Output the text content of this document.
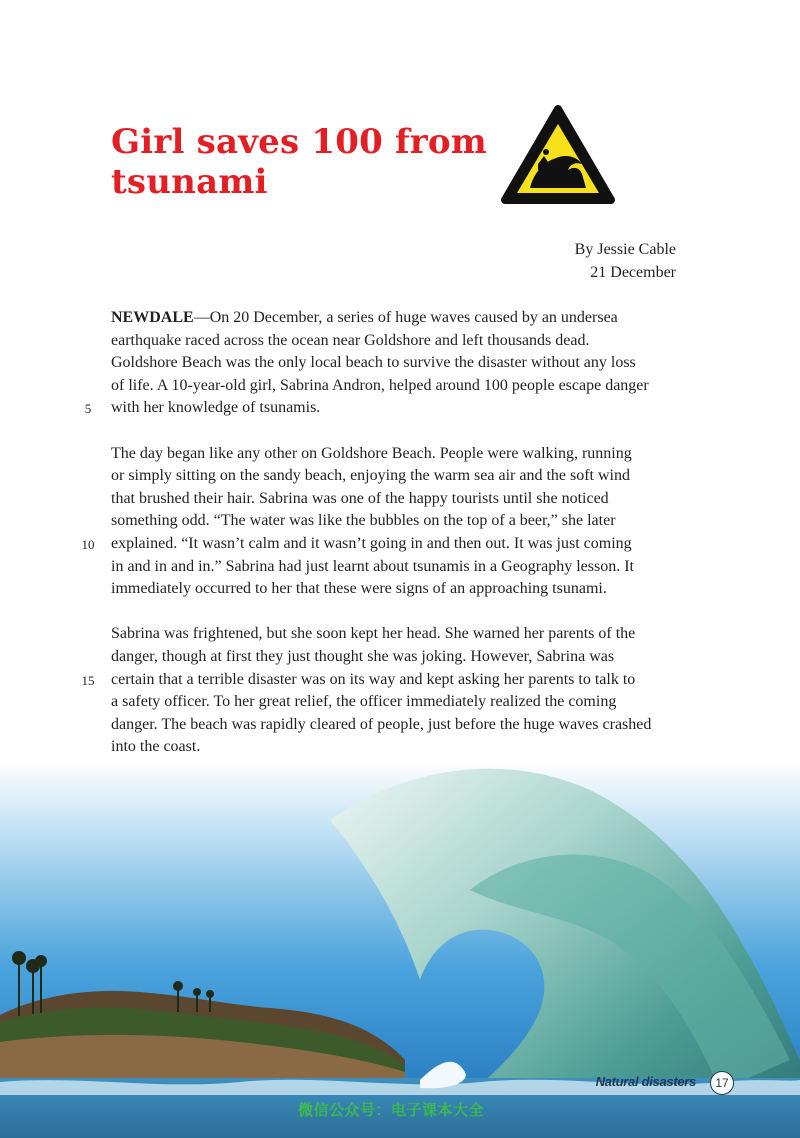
Girl saves 100 from
tsunami
By Jessie Cable
21 December

NEWDALE—On 20 December, a series of huge waves caused by an undersea
earthquake raced across the ocean near Goldshore and left thousands dead.
Goldshore Beach was the only local beach to survive the disaster without any loss
of life. A 10-year-old girl, Sabrina Andron, helped around 100 people escape danger
with her knowledge of tsunamis.

The day began like any other on Goldshore Beach. People were walking, running
or simply sitting on the sandy beach, enjoying the warm sea air and the soft wind
that brushed their hair. Sabrina was one of the happy tourists until she noticed
something odd. “The water was like the bubbles on the top of a beer,” she later
explained. “It wasn’t calm and it wasn’t going in and then out. It was just coming
in and in and in.” Sabrina had just learnt about tsunamis in a Geography lesson. It
immediately occurred to her that these were signs of an approaching tsunami.

Sabrina was frightened, but she soon kept her head. She warned her parents of the
danger, though at first they just thought she was joking. However, Sabrina was
certain that a terrible disaster was on its way and kept asking her parents to talk to
a safety officer. To her great relief, the officer immediately realized the coming
danger. The beach was rapidly cleared of people, just before the huge waves crashed
into the coast.

5
10
15
Natural disasters	17
微信公众号：电子课本大全
